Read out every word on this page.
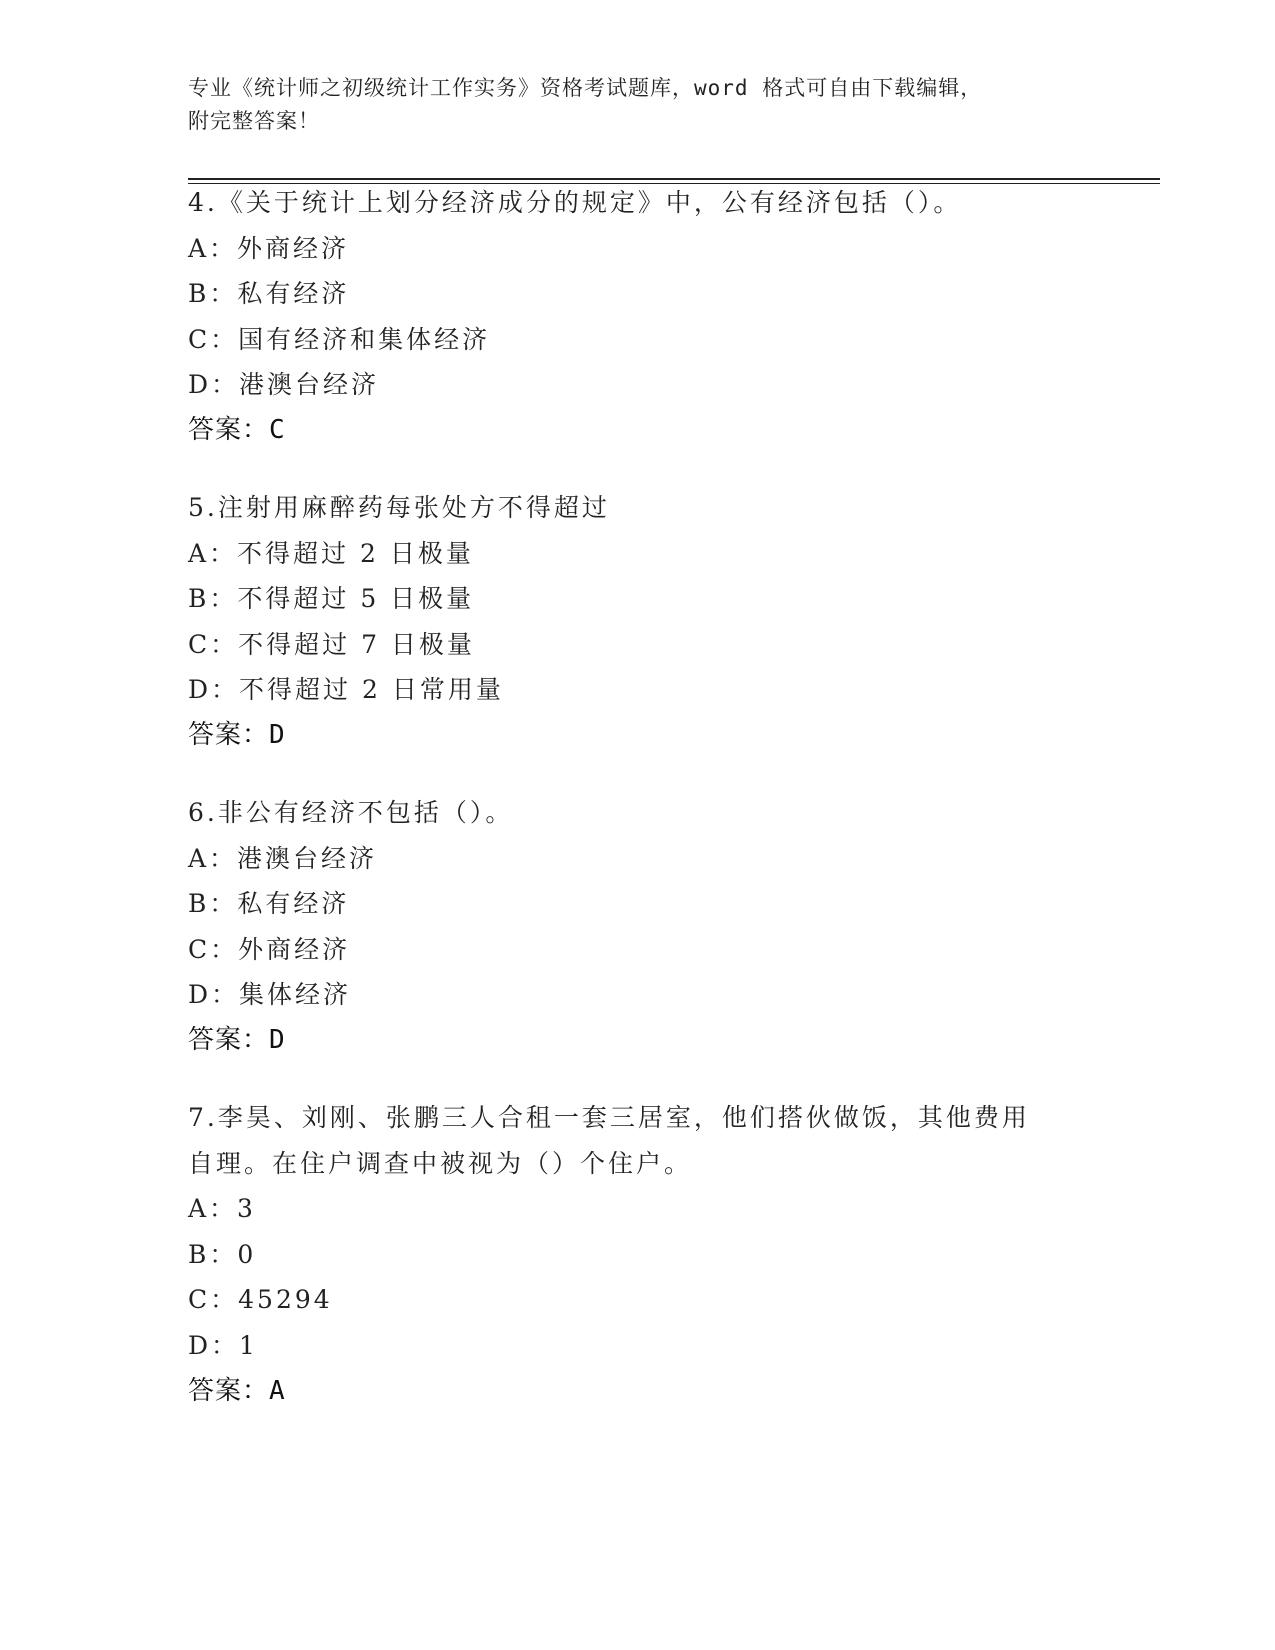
专业《统计师之初级统计工作实务》资格考试题库，word 格式可自由下载编辑，
附完整答案！
4.《关于统计上划分经济成分的规定》中，公有经济包括（）。
A：外商经济
B：私有经济
C：国有经济和集体经济
D：港澳台经济
答案：C
5.注射用麻醉药每张处方不得超过
A：不得超过 2 日极量
B：不得超过 5 日极量
C：不得超过 7 日极量
D：不得超过 2 日常用量
答案：D
6.非公有经济不包括（）。
A：港澳台经济
B：私有经济
C：外商经济
D：集体经济
答案：D
7.李昊、刘刚、张鹏三人合租一套三居室，他们搭伙做饭，其他费用
自理。在住户调查中被视为（）个住户。
A：3
B：0
C：45294
D：1
答案：A
